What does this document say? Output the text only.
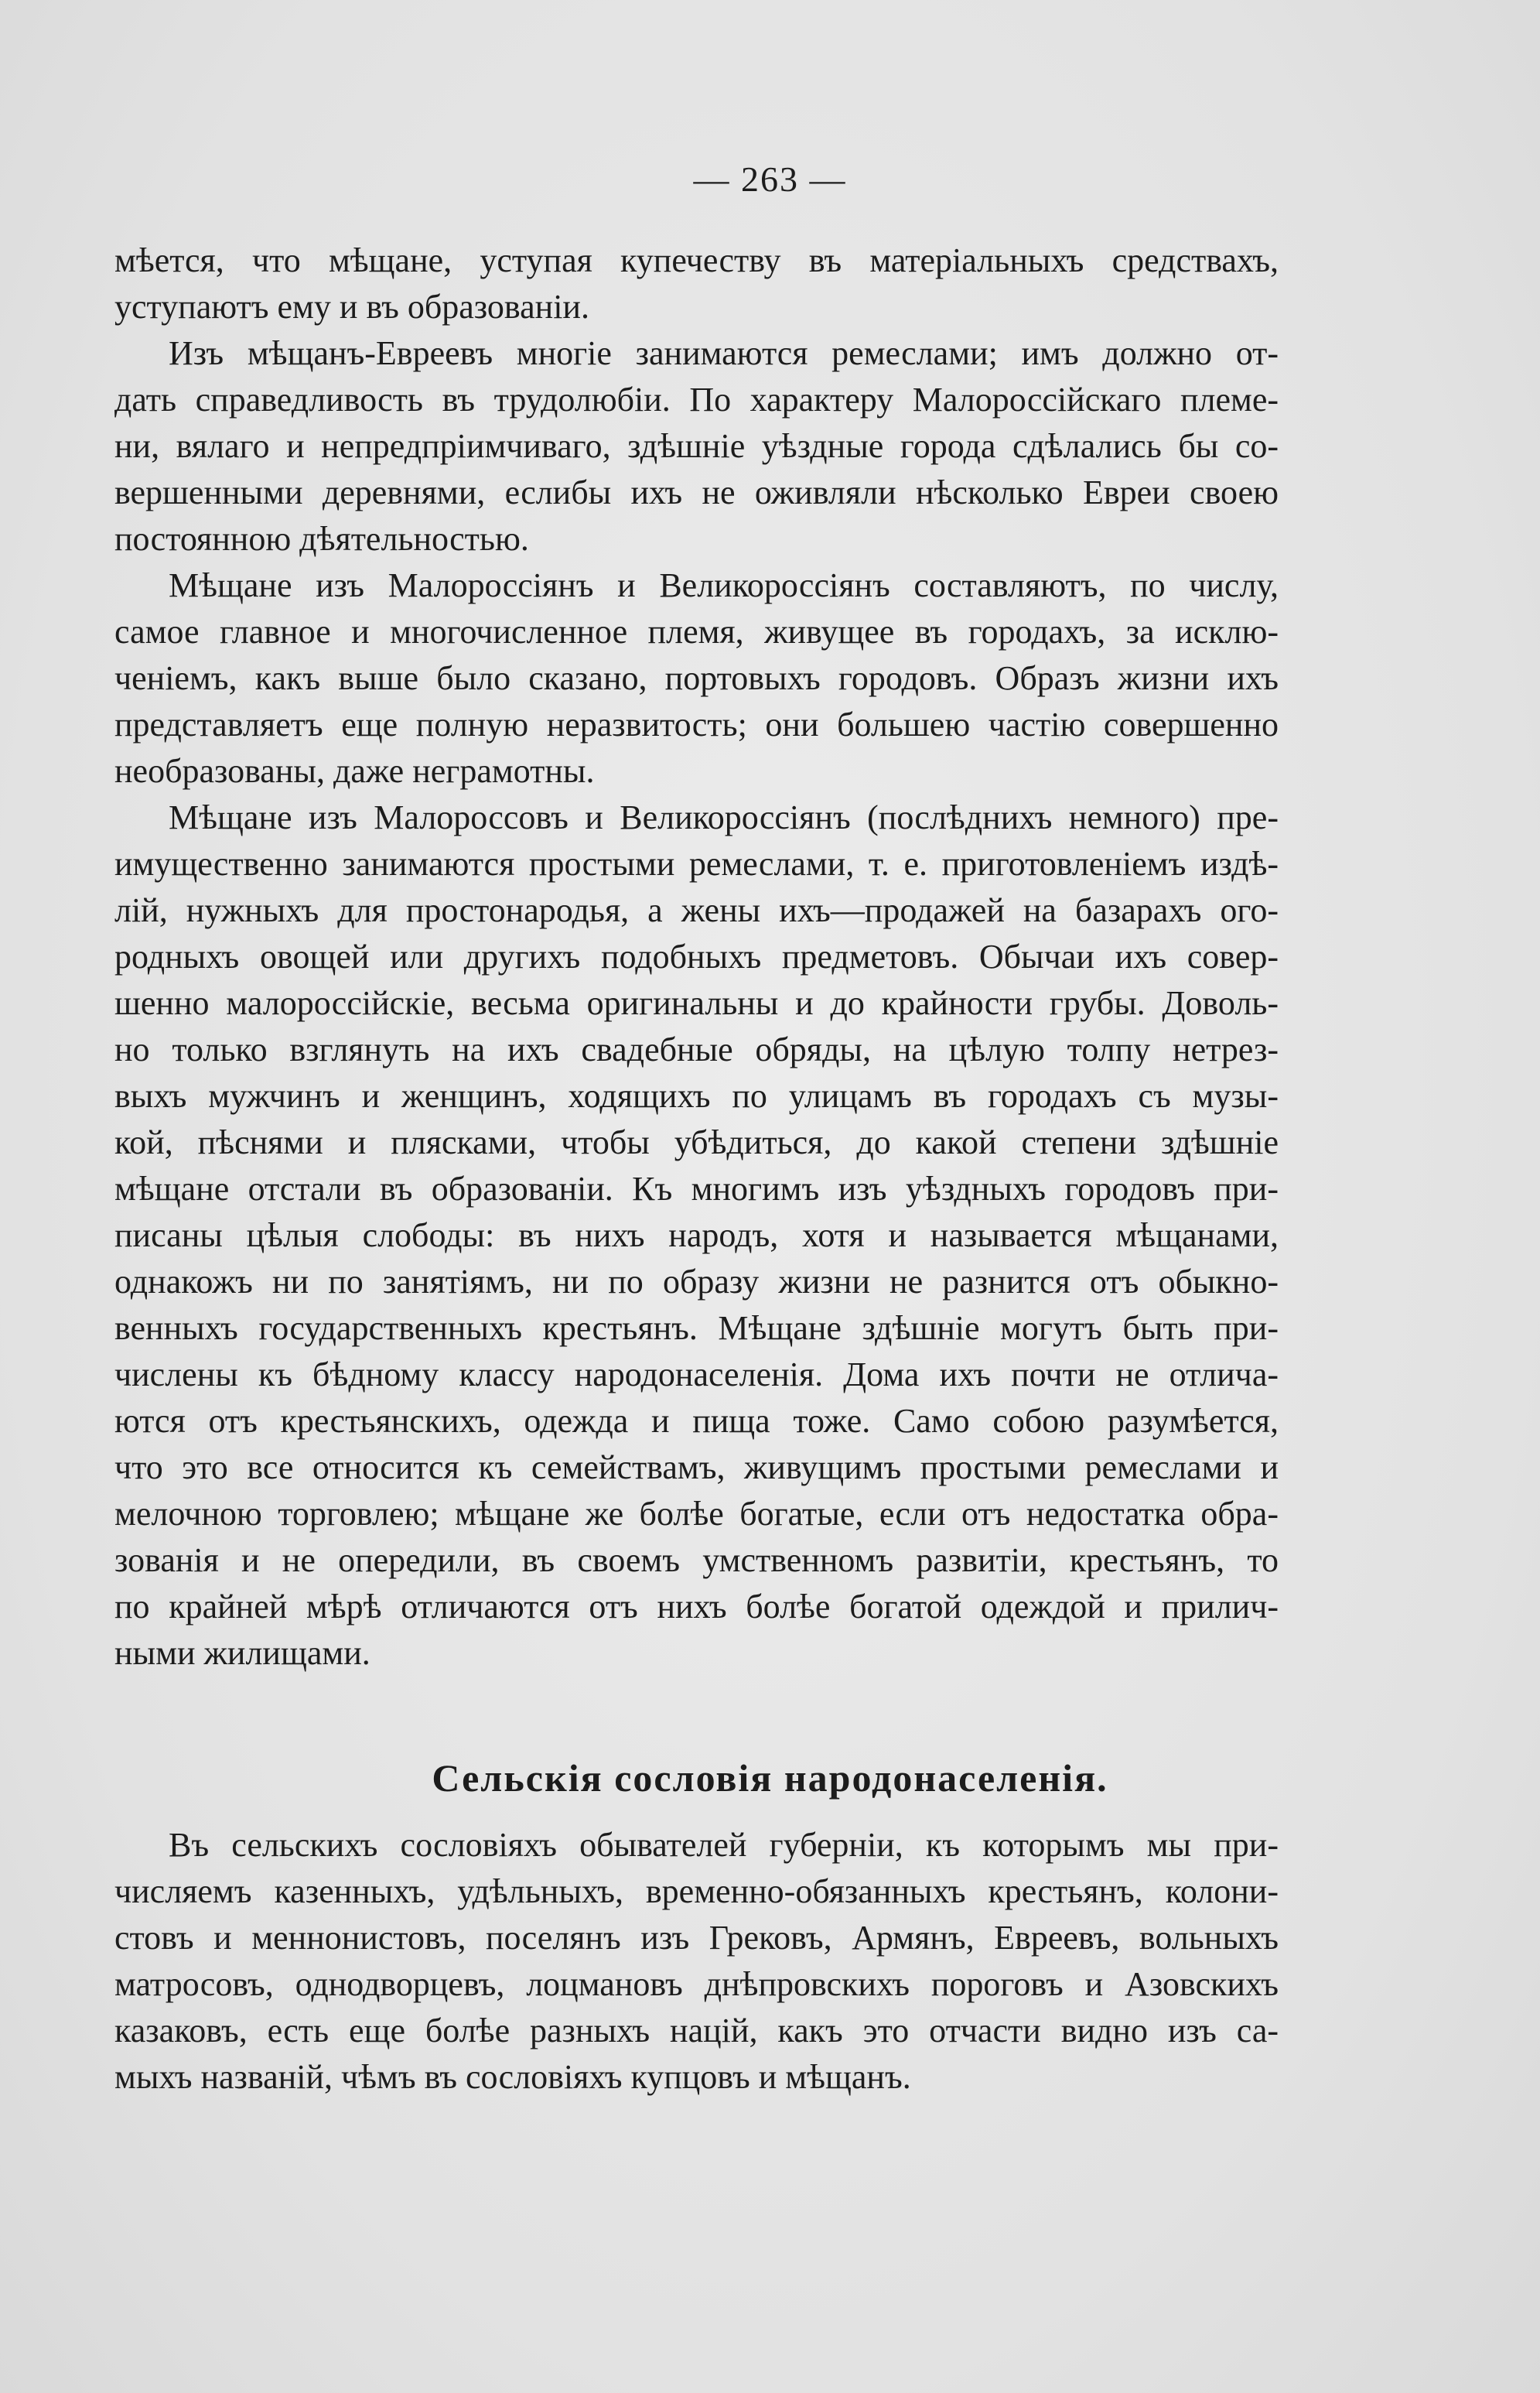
— 263 —
мѣется, что мѣщане, уступая купечеству въ матеріальныхъ средствахъ,
уступаютъ ему и въ образованіи.
Изъ мѣщанъ-Евреевъ многіе занимаются ремеслами; имъ должно от-
дать справедливость въ трудолюбіи. По характеру Малороссійскаго племе-
ни, вялаго и непредпріимчиваго, здѣшніе уѣздные города сдѣлались бы со-
вершенными деревнями, еслибы ихъ не оживляли нѣсколько Евреи своею
постоянною дѣятельностью.
Мѣщане изъ Малороссіянъ и Великороссіянъ составляютъ, по числу,
самое главное и многочисленное племя, живущее въ городахъ, за исклю-
ченіемъ, какъ выше было сказано, портовыхъ городовъ. Образъ жизни ихъ
представляетъ еще полную неразвитость; они большею частію совершенно
необразованы, даже неграмотны.
Мѣщане изъ Малороссовъ и Великороссіянъ (послѣднихъ немного) пре-
имущественно занимаются простыми ремеслами, т. е. приготовленіемъ издѣ-
лій, нужныхъ для простонародья, а жены ихъ—продажей на базарахъ ого-
родныхъ овощей или другихъ подобныхъ предметовъ. Обычаи ихъ совер-
шенно малороссійскіе, весьма оригинальны и до крайности грубы. Доволь-
но только взглянуть на ихъ свадебные обряды, на цѣлую толпу нетрез-
выхъ мужчинъ и женщинъ, ходящихъ по улицамъ въ городахъ съ музы-
кой, пѣснями и плясками, чтобы убѣдиться, до какой степени здѣшніе
мѣщане отстали въ образованіи. Къ многимъ изъ уѣздныхъ городовъ при-
писаны цѣлыя слободы: въ нихъ народъ, хотя и называется мѣщанами,
однакожъ ни по занятіямъ, ни по образу жизни не разнится отъ обыкно-
венныхъ государственныхъ крестьянъ. Мѣщане здѣшніе могутъ быть при-
числены къ бѣдному классу народонаселенія. Дома ихъ почти не отлича-
ются отъ крестьянскихъ, одежда и пища тоже. Само собою разумѣется,
что это все относится къ семействамъ, живущимъ простыми ремеслами и
мелочною торговлею; мѣщане же болѣе богатые, если отъ недостатка обра-
зованія и не опередили, въ своемъ умственномъ развитіи, крестьянъ, то
по крайней мѣрѣ отличаются отъ нихъ болѣе богатой одеждой и прилич-
ными жилищами.
Сельскія сословія народонаселенія.
Въ сельскихъ сословіяхъ обывателей губерніи, къ которымъ мы при-
числяемъ казенныхъ, удѣльныхъ, временно-обязанныхъ крестьянъ, колони-
стовъ и меннонистовъ, поселянъ изъ Грековъ, Армянъ, Евреевъ, вольныхъ
матросовъ, однодворцевъ, лоцмановъ днѣпровскихъ пороговъ и Азовскихъ
казаковъ, есть еще болѣе разныхъ націй, какъ это отчасти видно изъ са-
мыхъ названій, чѣмъ въ сословіяхъ купцовъ и мѣщанъ.
